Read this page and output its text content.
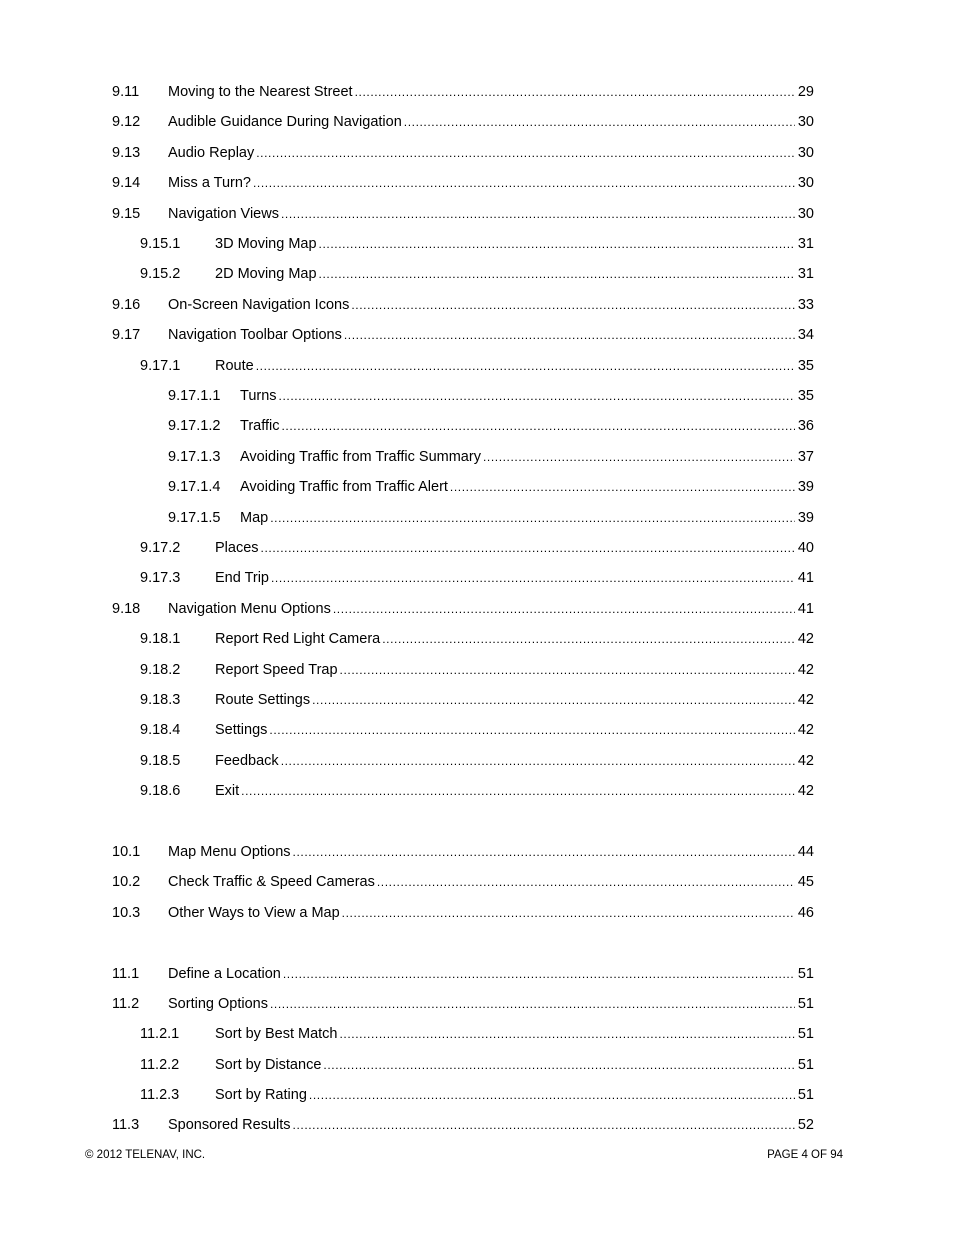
9.11 Moving to the Nearest Street .....	29
9.12 Audible Guidance During Navigation .....	30
9.13 Audio Replay .....	30
9.14 Miss a Turn? .....	30
9.15 Navigation Views .....	30
9.15.1 3D Moving Map .....	31
9.15.2 2D Moving Map .....	31
9.16 On-Screen Navigation Icons .....	33
9.17 Navigation Toolbar Options .....	34
9.17.1 Route .....	35
9.17.1.1 Turns .....	35
9.17.1.2 Traffic .....	36
9.17.1.3 Avoiding Traffic from Traffic Summary .....	37
9.17.1.4 Avoiding Traffic from Traffic Alert .....	39
9.17.1.5 Map .....	39
9.17.2 Places .....	40
9.17.3 End Trip .....	41
9.18 Navigation Menu Options .....	41
9.18.1 Report Red Light Camera .....	42
9.18.2 Report Speed Trap .....	42
9.18.3 Route Settings .....	42
9.18.4 Settings .....	42
9.18.5 Feedback .....	42
9.18.6 Exit .....	42
10.1 Map Menu Options .....	44
10.2 Check Traffic & Speed Cameras .....	45
10.3 Other Ways to View a Map .....	46
11.1 Define a Location .....	51
11.2 Sorting Options .....	51
11.2.1 Sort by Best Match .....	51
11.2.2 Sort by Distance .....	51
11.2.3 Sort by Rating .....	51
11.3 Sponsored Results .....	52
© 2012 TELENAV, INC.	PAGE 4 OF 94
